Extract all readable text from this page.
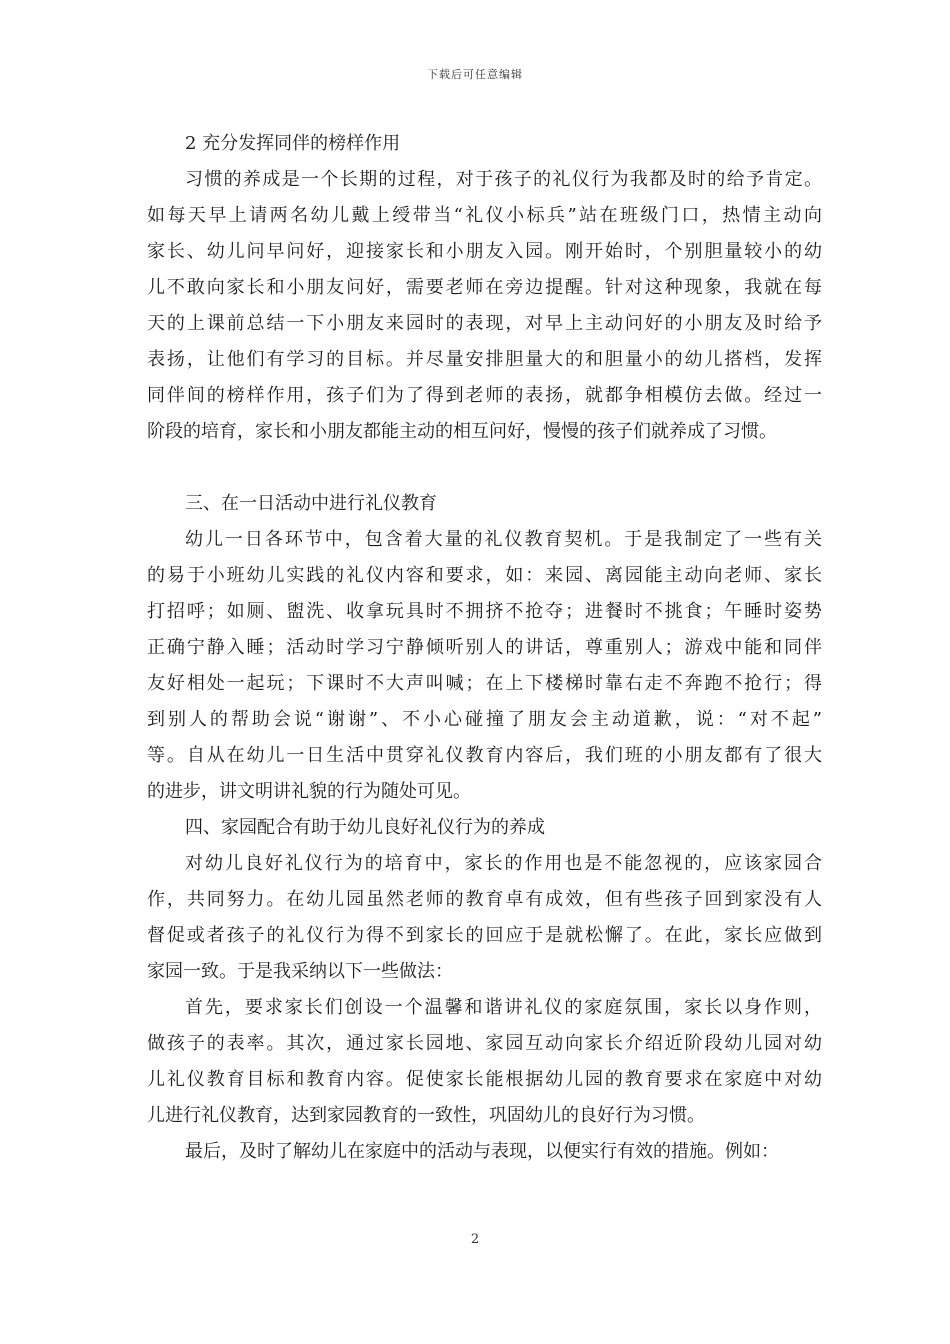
下载后可任意编辑
2 充分发挥同伴的榜样作用
习惯的养成是一个长期的过程，对于孩子的礼仪行为我都及时的给予肯定。
如每天早上请两名幼儿戴上绶带当“礼仪小标兵”站在班级门口，热情主动向
家长、幼儿问早问好，迎接家长和小朋友入园。刚开始时，个别胆量较小的幼
儿不敢向家长和小朋友问好，需要老师在旁边提醒。针对这种现象，我就在每
天的上课前总结一下小朋友来园时的表现，对早上主动问好的小朋友及时给予
表扬，让他们有学习的目标。并尽量安排胆量大的和胆量小的幼儿搭档，发挥
同伴间的榜样作用，孩子们为了得到老师的表扬，就都争相模仿去做。经过一
阶段的培育，家长和小朋友都能主动的相互问好，慢慢的孩子们就养成了习惯。
三、在一日活动中进行礼仪教育
幼儿一日各环节中，包含着大量的礼仪教育契机。于是我制定了一些有关
的易于小班幼儿实践的礼仪内容和要求，如：来园、离园能主动向老师、家长
打招呼；如厕、盥洗、收拿玩具时不拥挤不抢夺；进餐时不挑食；午睡时姿势
正确宁静入睡；活动时学习宁静倾听别人的讲话，尊重别人；游戏中能和同伴
友好相处一起玩；下课时不大声叫喊；在上下楼梯时靠右走不奔跑不抢行；得
到别人的帮助会说“谢谢”、不小心碰撞了朋友会主动道歉，说：“对不起”
等。自从在幼儿一日生活中贯穿礼仪教育内容后，我们班的小朋友都有了很大
的进步，讲文明讲礼貌的行为随处可见。
四、家园配合有助于幼儿良好礼仪行为的养成
对幼儿良好礼仪行为的培育中，家长的作用也是不能忽视的，应该家园合
作，共同努力。在幼儿园虽然老师的教育卓有成效，但有些孩子回到家没有人
督促或者孩子的礼仪行为得不到家长的回应于是就松懈了。在此，家长应做到
家园一致。于是我采纳以下一些做法：
首先，要求家长们创设一个温馨和谐讲礼仪的家庭氛围，家长以身作则，
做孩子的表率。其次，通过家长园地、家园互动向家长介绍近阶段幼儿园对幼
儿礼仪教育目标和教育内容。促使家长能根据幼儿园的教育要求在家庭中对幼
儿进行礼仪教育，达到家园教育的一致性，巩固幼儿的良好行为习惯。
最后，及时了解幼儿在家庭中的活动与表现，以便实行有效的措施。例如：
2
